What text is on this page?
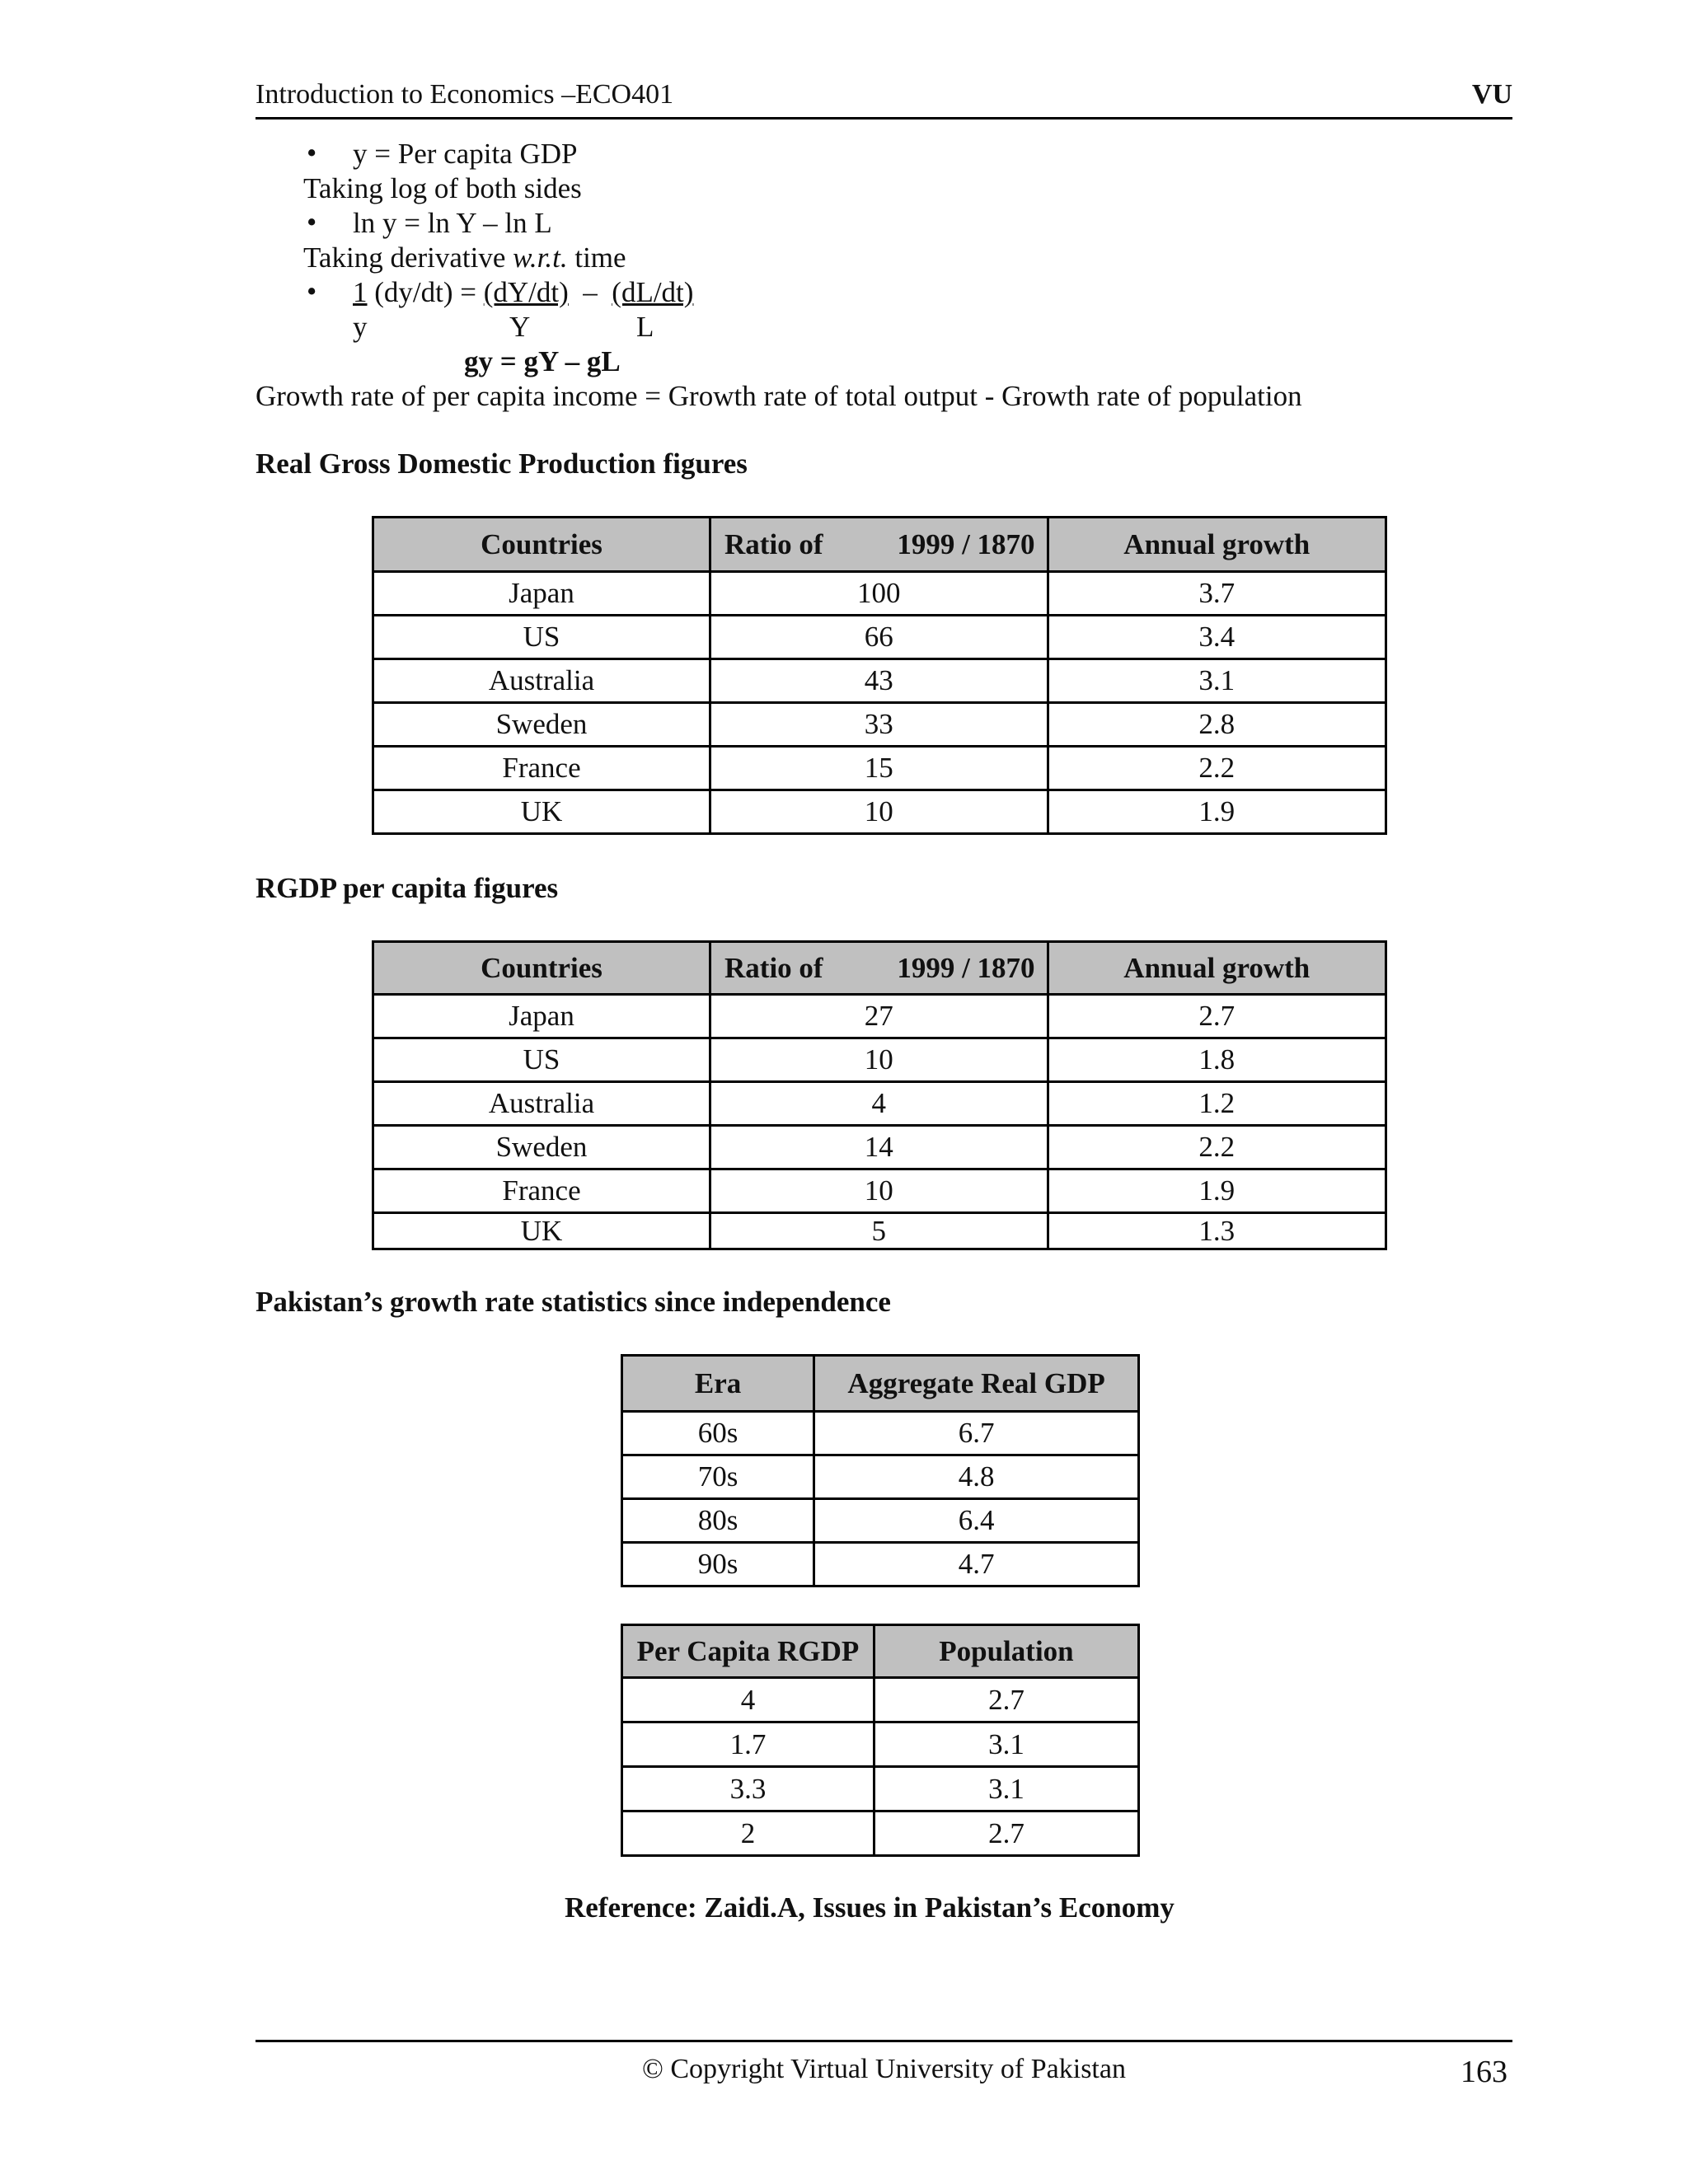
Introduction to Economics –ECO401	VU
• y = Per capita GDP
Taking log of both sides
• ln y = ln Y – ln L
Taking derivative w.r.t. time
• 1 (dy/dt) = (dY/dt) – (dL/dt)
y	Y	L
gy = gY – gL
Growth rate of per capita income = Growth rate of total output - Growth rate of population
Real Gross Domestic Production figures
Countries	Ratio of 1999 / 1870	Annual growth
Japan	100	3.7
US	66	3.4
Australia	43	3.1
Sweden	33	2.8
France	15	2.2
UK	10	1.9
RGDP per capita figures
Countries	Ratio of 1999 / 1870	Annual growth
Japan	27	2.7
US	10	1.8
Australia	4	1.2
Sweden	14	2.2
France	10	1.9
UK	5	1.3
Pakistan’s growth rate statistics since independence
Era	Aggregate Real GDP
60s	6.7
70s	4.8
80s	6.4
90s	4.7
Per Capita RGDP	Population
4	2.7
1.7	3.1
3.3	3.1
2	2.7
Reference: Zaidi.A, Issues in Pakistan’s Economy
© Copyright Virtual University of Pakistan	163
